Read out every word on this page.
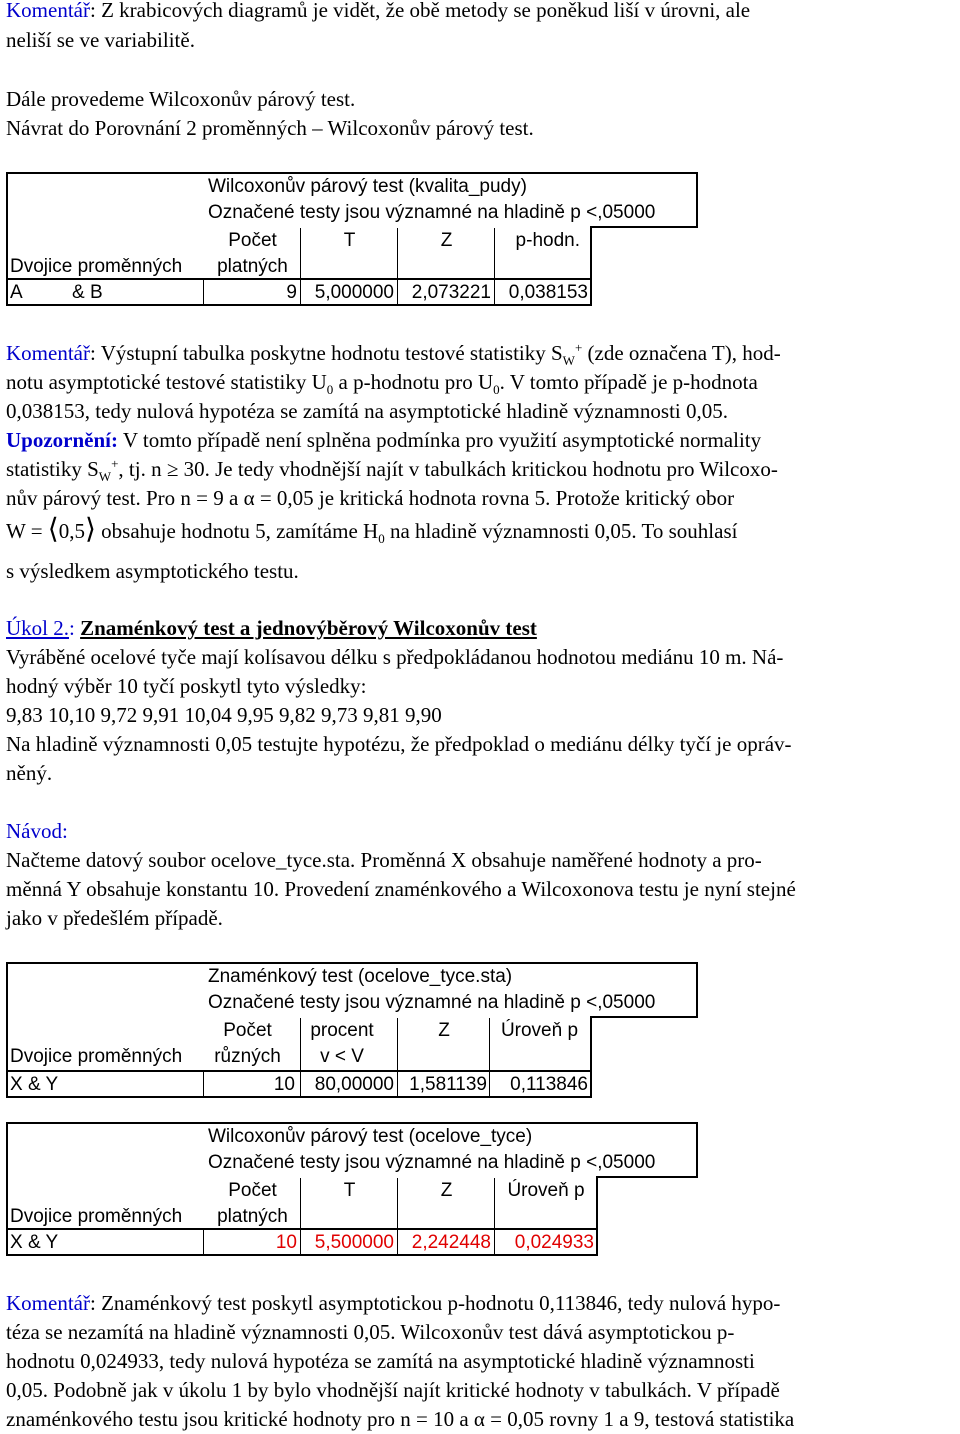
Komentář: Z krabicových diagramů je vidět, že obě metody se poněkud liší v úrovni, ale
neliší se ve variabilitě.
Dále provedeme Wilcoxonův párový test.
Návrat do Porovnání 2 proměnných – Wilcoxonův párový test.
Wilcoxonův párový test (kvalita_pudy)
Označené testy jsou významné na hladině p <,05000
Počet	T	Z	p-hodn.
Dvojice proměnných	platných
A	& B	9 5,000000 2,073221 0,038153
Komentář: Výstupní tabulka poskytne hodnotu testové statistiky $S_W^+$ (zde označena T), hod-
notu asymptotické testové statistiky $U_0$ a p-hodnotu pro $U_0$. V tomto případě je p-hodnota
0,038153, tedy nulová hypotéza se zamítá na asymptotické hladině významnosti 0,05.
Upozornění: V tomto případě není splněna podmínka pro využití asymptotické normality
statistiky $S_W^+$, tj. n ≥ 30. Je tedy vhodnější najít v tabulkách kritickou hodnotu pro Wilcoxo-
nův párový test. Pro n = 9 a α = 0,05 je kritická hodnota rovna 5. Protože kritický obor
W = ⟨0,5⟩ obsahuje hodnotu 5, zamítáme $H_0$ na hladině významnosti 0,05. To souhlasí
s výsledkem asymptotického testu.
Úkol 2.: Znaménkový test a jednovýběrový Wilcoxonův test
Vyráběné ocelové tyče mají kolísavou délku s předpokládanou hodnotou mediánu 10 m. Ná-
hodný výběr 10 tyčí poskytl tyto výsledky:
9,83 10,10 9,72 9,91 10,04 9,95 9,82 9,73 9,81 9,90
Na hladině významnosti 0,05 testujte hypotézu, že předpoklad o mediánu délky tyčí je opráv-
něný.
Návod:
Načteme datový soubor ocelove_tyce.sta. Proměnná X obsahuje naměřené hodnoty a pro-
měnná Y obsahuje konstantu 10. Provedení znaménkového a Wilcoxonova testu je nyní stejné
jako v předešlém případě.
Znaménkový test (ocelove_tyce.sta)
Označené testy jsou významné na hladině p <,05000
Počet	procent	Z	Úroveň p
Dvojice proměnných	různých	v < V
X & Y	10	80,00000 1,581139	0,113846
Wilcoxonův párový test (ocelove_tyce)
Označené testy jsou významné na hladině p <,05000
Počet	T	Z	Úroveň p
Dvojice proměnných	platných
X & Y	10 5,500000 2,242448	0,024933
Komentář: Znaménkový test poskytl asymptotickou p-hodnotu 0,113846, tedy nulová hypo-
téza se nezamítá na hladině významnosti 0,05. Wilcoxonův test dává asymptotickou p-
hodnotu 0,024933, tedy nulová hypotéza se zamítá na asymptotické hladině významnosti
0,05. Podobně jak v úkolu 1 by bylo vhodnější najít kritické hodnoty v tabulkách. V případě
znaménkového testu jsou kritické hodnoty pro n = 10 a α = 0,05 rovny 1 a 9, testová statistika
